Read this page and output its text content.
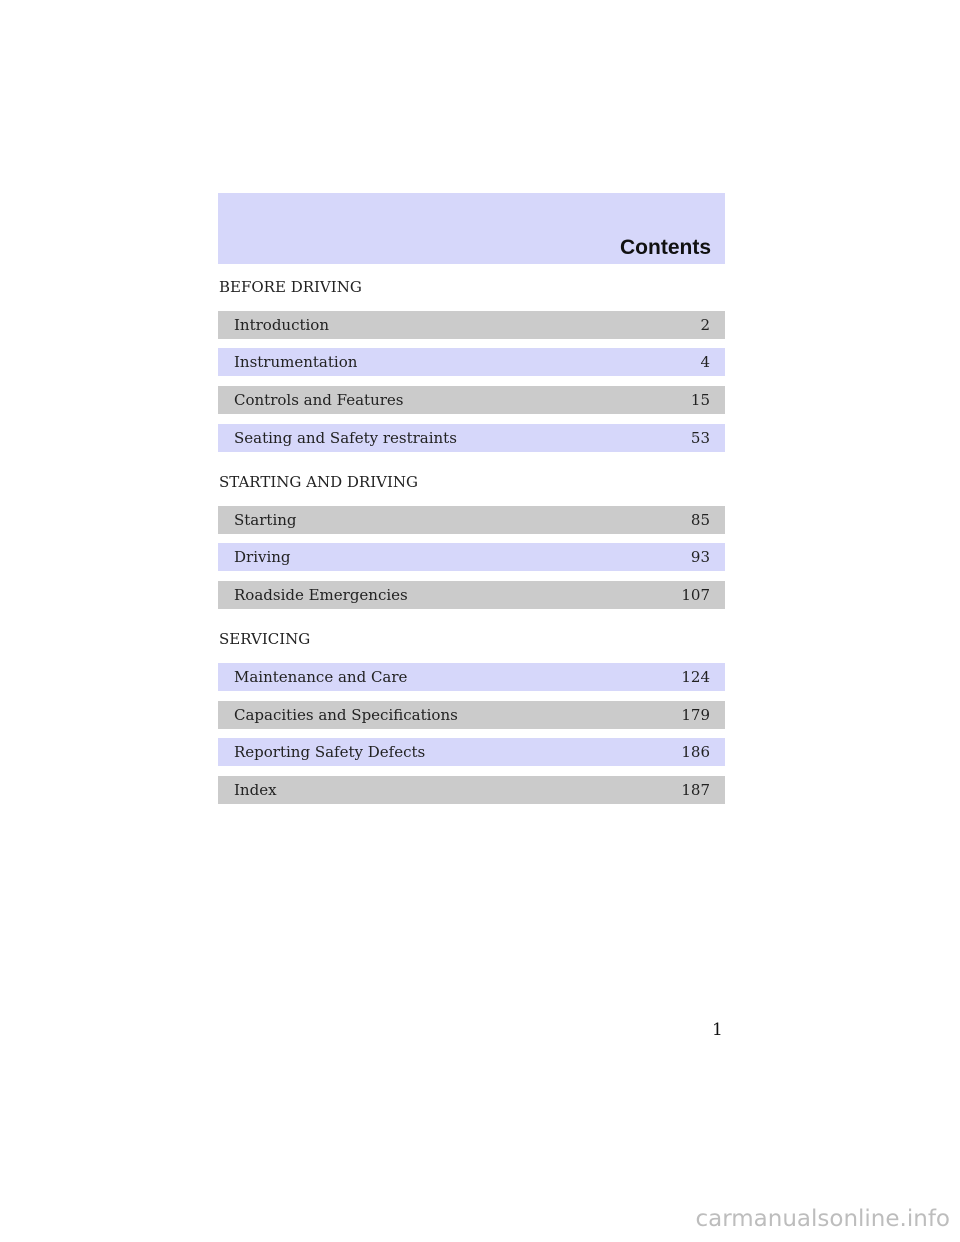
Contents
BEFORE DRIVING
Introduction	2
Instrumentation	4
Controls and Features	15
Seating and Safety restraints	53
STARTING AND DRIVING
Starting	85
Driving	93
Roadside Emergencies	107
SERVICING
Maintenance and Care	124
Capacities and Specifications	179
Reporting Safety Defects	186
Index	187
1
carmanualsonline.info
